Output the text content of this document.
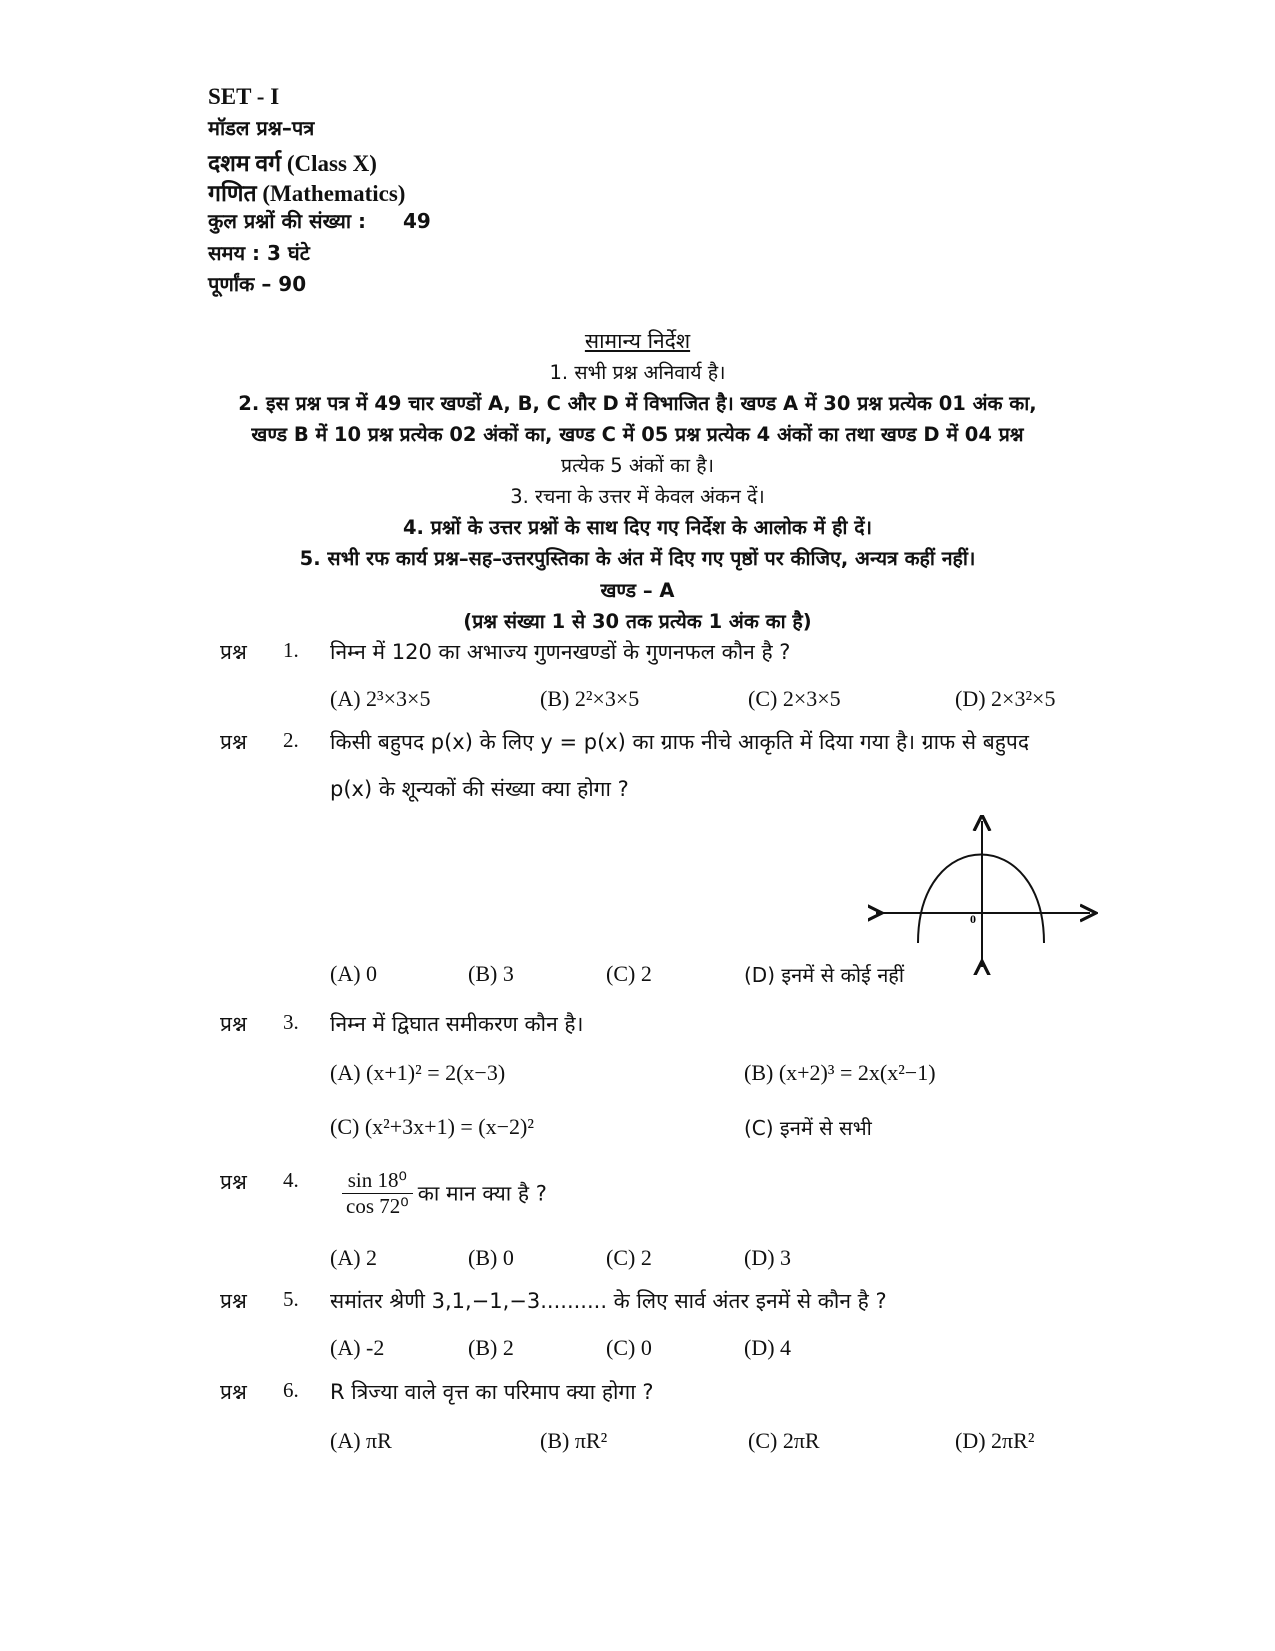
SET - I
मॉडल प्रश्न–पत्र
दशम वर्ग (Class X)
गणित (Mathematics)
कुल प्रश्नों की संख्या : 49
समय : 3 घंटे
पूर्णांक – 90
सामान्य निर्देश
1. सभी प्रश्न अनिवार्य है।
2. इस प्रश्न पत्र में 49 चार खण्डों A, B, C और D में विभाजित है। खण्ड A में 30 प्रश्न प्रत्येक 01 अंक का,
खण्ड B में 10 प्रश्न प्रत्येक 02 अंकों का, खण्ड C में 05 प्रश्न प्रत्येक 4 अंकों का तथा खण्ड D में 04 प्रश्न
प्रत्येक 5 अंकों का है।
3. रचना के उत्तर में केवल अंकन दें।
4. प्रश्नों के उत्तर प्रश्नों के साथ दिए गए निर्देश के आलोक में ही दें।
5. सभी रफ कार्य प्रश्न–सह–उत्तरपुस्तिका के अंत में दिए गए पृष्ठों पर कीजिए, अन्यत्र कहीं नहीं।
खण्ड – A
(प्रश्न संख्या 1 से 30 तक प्रत्येक 1 अंक का है)
प्रश्न 1. निम्न में 120 का अभाज्य गुणनखण्डों के गुणनफल कौन है ?
(A) 2³×3×5	(B) 2²×3×5	(C) 2×3×5	(D) 2×3²×5
प्रश्न 2. किसी बहुपद p(x) के लिए y = p(x) का ग्राफ नीचे आकृति में दिया गया है। ग्राफ से बहुपद
p(x) के शून्यकों की संख्या क्या होगा ?
0
(A) 0	(B) 3	(C) 2	(D) इनमें से कोई नहीं
प्रश्न 3. निम्न में द्विघात समीकरण कौन है।
(A) (x+1)² = 2(x−3)	(B) (x+2)³ = 2x(x²−1)
(C) (x²+3x+1) = (x−2)²	(C) इनमें से सभी
प्रश्न 4. $\frac{\text{sin 18⁰}}{\text{cos 72⁰}}$ का मान क्या है ?
(A) 2	(B) 0	(C) 2	(D) 3
प्रश्न 5. समांतर श्रेणी 3,1,−1,−3.......... के लिए सार्व अंतर इनमें से कौन है ?
(A) -2	(B) 2	(C) 0	(D) 4
प्रश्न 6. R त्रिज्या वाले वृत्त का परिमाप क्या होगा ?
(A) πR	(B) πR²	(C) 2πR	(D) 2πR²
